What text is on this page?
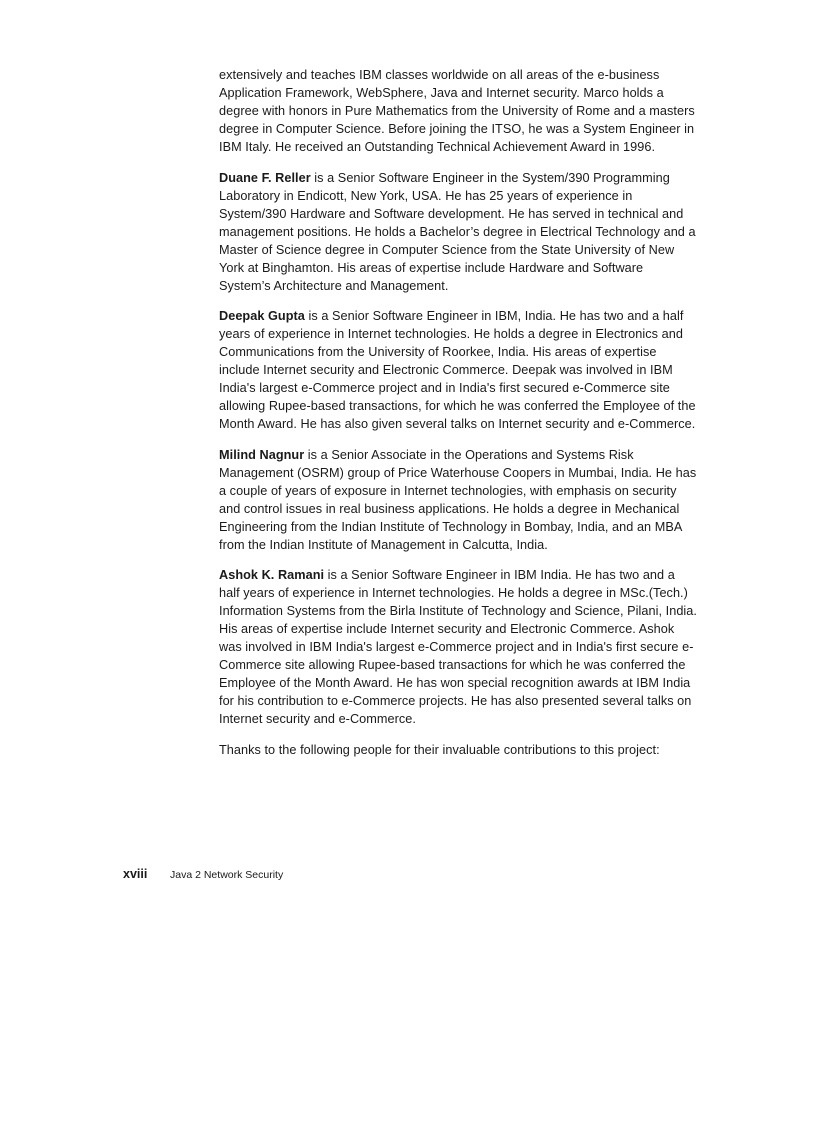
extensively and teaches IBM classes worldwide on all areas of the e-business Application Framework, WebSphere, Java and Internet security. Marco holds a degree with honors in Pure Mathematics from the University of Rome and a masters degree in Computer Science. Before joining the ITSO, he was a System Engineer in IBM Italy. He received an Outstanding Technical Achievement Award in 1996.

Duane F. Reller is a Senior Software Engineer in the System/390 Programming Laboratory in Endicott, New York, USA. He has 25 years of experience in System/390 Hardware and Software development. He has served in technical and management positions. He holds a Bachelor’s degree in Electrical Technology and a Master of Science degree in Computer Science from the State University of New York at Binghamton. His areas of expertise include Hardware and Software System’s Architecture and Management.

Deepak Gupta is a Senior Software Engineer in IBM, India. He has two and a half years of experience in Internet technologies. He holds a degree in Electronics and Communications from the University of Roorkee, India. His areas of expertise include Internet security and Electronic Commerce. Deepak was involved in IBM India's largest e-Commerce project and in India's first secured e-Commerce site allowing Rupee-based transactions, for which he was conferred the Employee of the Month Award. He has also given several talks on Internet security and e-Commerce.

Milind Nagnur is a Senior Associate in the Operations and Systems Risk Management (OSRM) group of Price Waterhouse Coopers in Mumbai, India. He has a couple of years of exposure in Internet technologies, with emphasis on security and control issues in real business applications. He holds a degree in Mechanical Engineering from the Indian Institute of Technology in Bombay, India, and an MBA from the Indian Institute of Management in Calcutta, India.

Ashok K. Ramani is a Senior Software Engineer in IBM India. He has two and a half years of experience in Internet technologies. He holds a degree in MSc.(Tech.) Information Systems from the Birla Institute of Technology and Science, Pilani, India. His areas of expertise include Internet security and Electronic Commerce. Ashok was involved in IBM India's largest e-Commerce project and in India's first secure e-Commerce site allowing Rupee-based transactions for which he was conferred the Employee of the Month Award. He has won special recognition awards at IBM India for his contribution to e-Commerce projects. He has also presented several talks on Internet security and e-Commerce.

Thanks to the following people for their invaluable contributions to this project:

xviii	Java 2 Network Security
